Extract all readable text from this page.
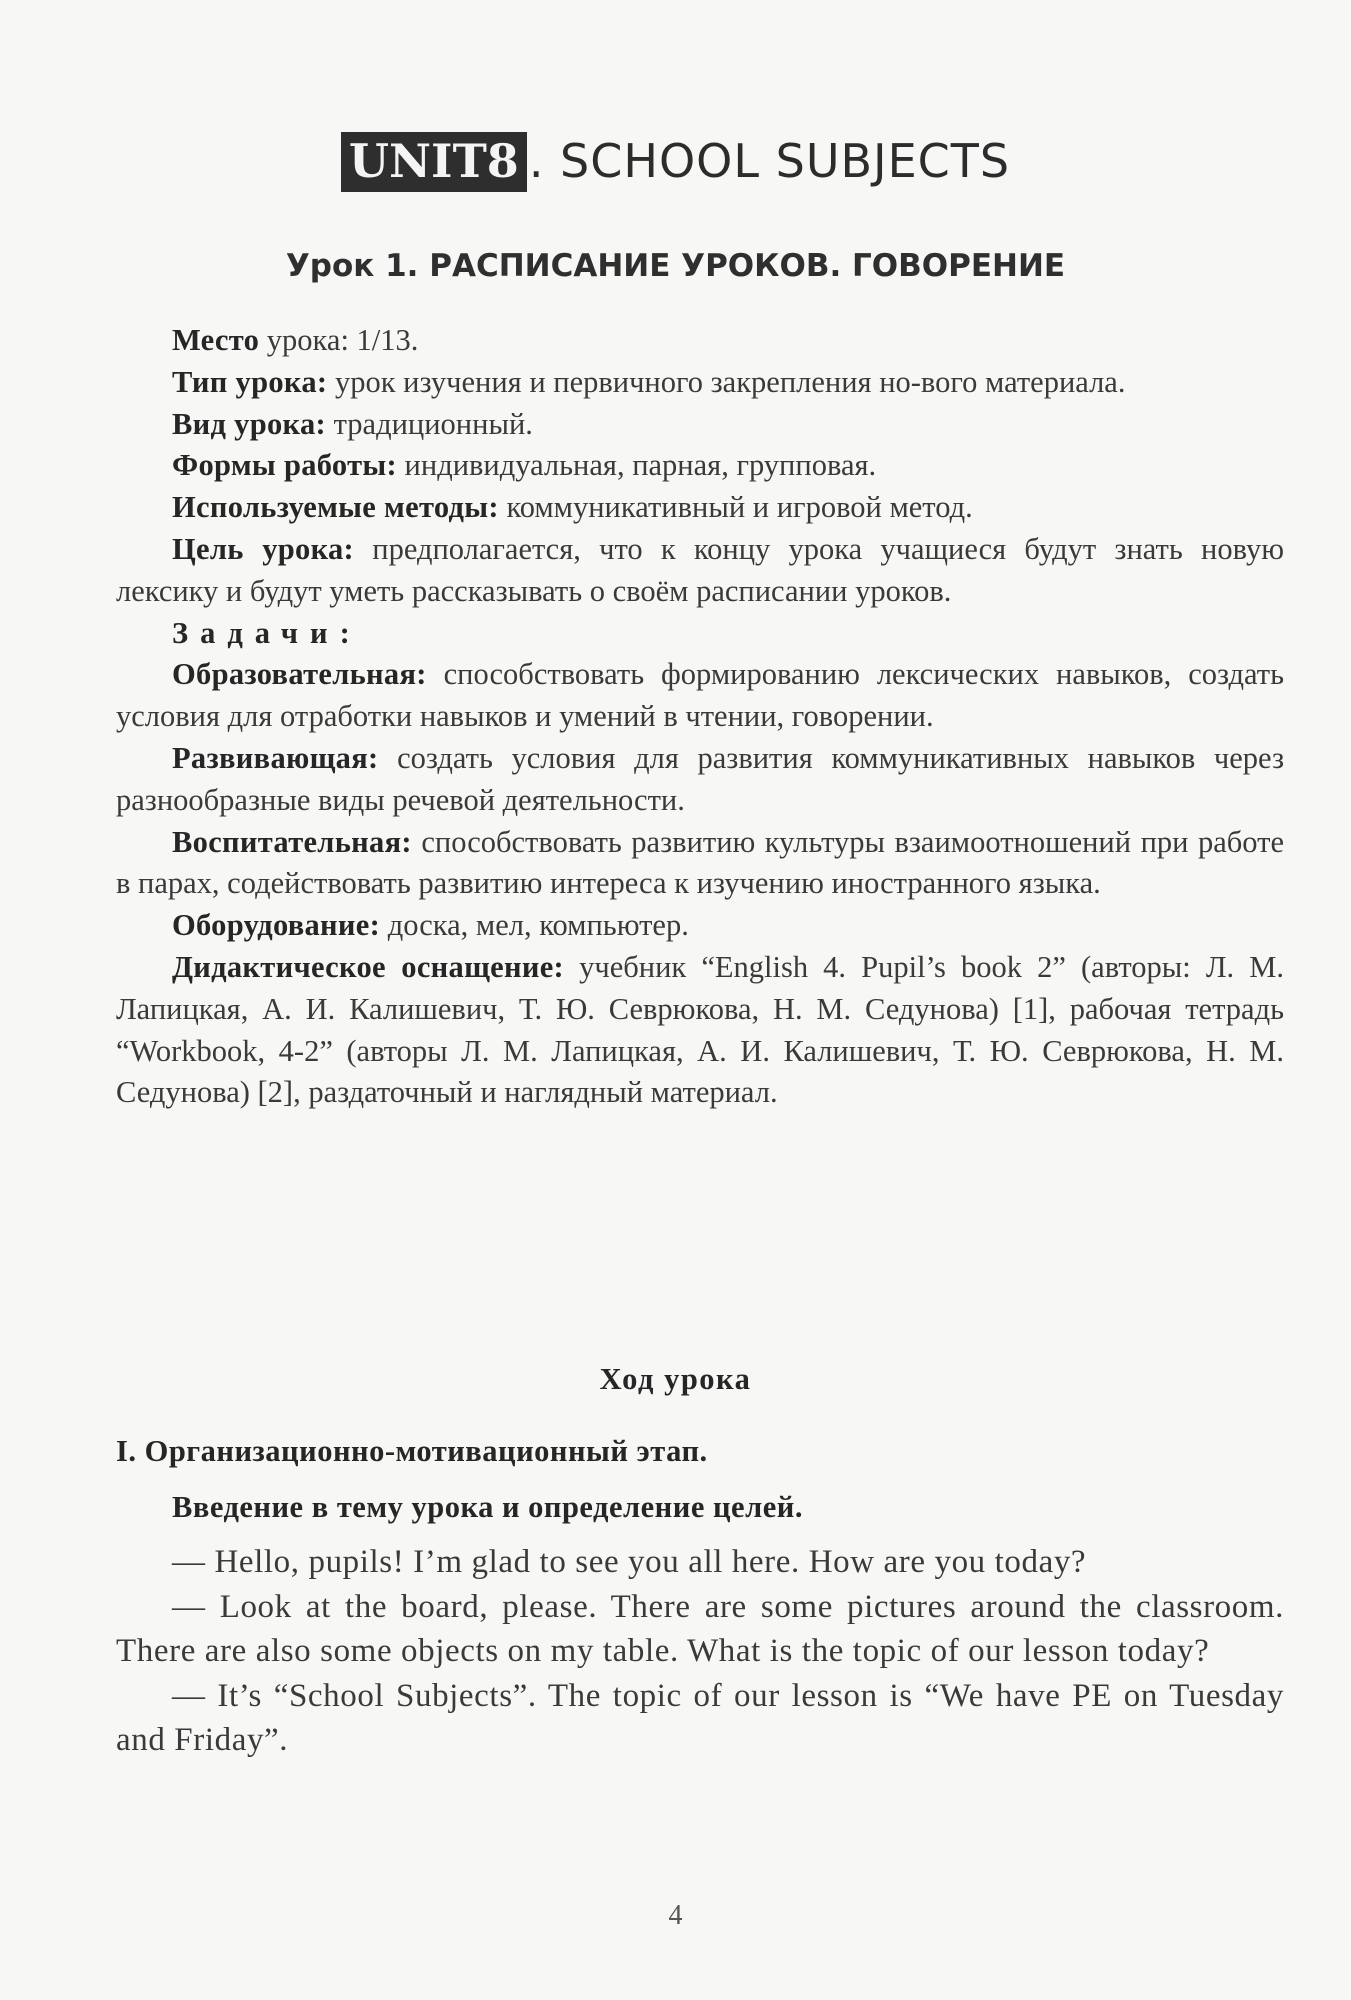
UNIT8 . SCHOOL SUBJECTS
Урок 1. РАСПИСАНИЕ УРОКОВ. ГОВОРЕНИЕ

Место урока: 1/13.

Тип урока: урок изучения и первичного закрепления но-вого материала.

Вид урока: традиционный.

Формы работы: индивидуальная, парная, групповая.

Используемые методы: коммуникативный и игровой метод.

Цель урока: предполагается, что к концу урока учащиеся будут знать новую лексику и будут уметь рассказывать о своём расписании уроков.

Задачи:

Образовательная: способствовать формированию лексических навыков, создать условия для отработки навыков и умений в чтении, говорении.

Развивающая: создать условия для развития коммуникативных навыков через разнообразные виды речевой деятельности.

Воспитательная: способствовать развитию культуры взаимоотношений при работе в парах, содействовать развитию интереса к изучению иностранного языка.

Оборудование: доска, мел, компьютер.

Дидактическое оснащение: учебник “English 4. Pupil’s book 2” (авторы: Л. М. Лапицкая, А. И. Калишевич, Т. Ю. Севрюкова, Н. М. Седунова) [1], рабочая тетрадь “Workbook, 4-2” (авторы Л. М. Лапицкая, А. И. Калишевич, Т. Ю. Севрюкова, Н. М. Седунова) [2], раздаточный и наглядный материал.

Ход урока
I. Организационно-мотивационный этап.
Введение в тему урока и определение целей.

— Hello, pupils! I’m glad to see you all here. How are you today?

— Look at the board, please. There are some pictures around the classroom. There are also some objects on my table. What is the topic of our lesson today?

— It’s “School Subjects”. The topic of our lesson is “We have PE on Tuesday and Friday”.

4
